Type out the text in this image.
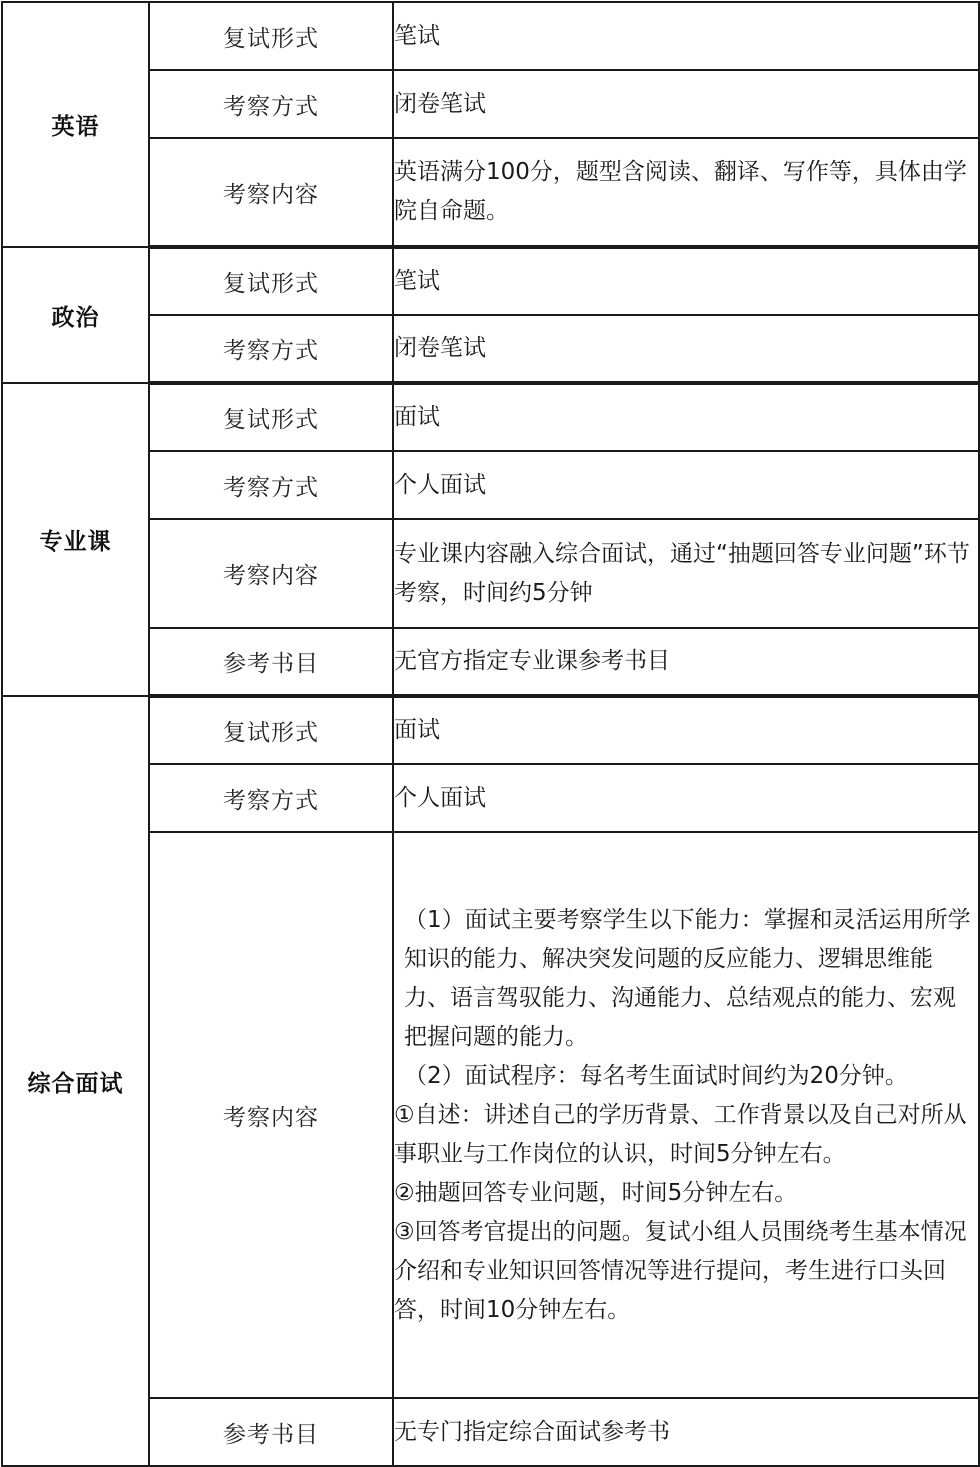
英语	复试形式	笔试
	考察方式	闭卷笔试
	考察内容	英语满分100分，题型含阅读、翻译、写作等，具体由学院自命题。
政治	复试形式	笔试
	考察方式	闭卷笔试
专业课	复试形式	面试
	考察方式	个人面试
	考察内容	专业课内容融入综合面试，通过“抽题回答专业问题”环节考察，时间约5分钟
	参考书目	无官方指定专业课参考书目
综合面试	复试形式	面试
	考察方式	个人面试
	考察内容	（1）面试主要考察学生以下能力：掌握和灵活运用所学知识的能力、解决突发问题的反应能力、逻辑思维能力、语言驾驭能力、沟通能力、总结观点的能力、宏观把握问题的能力。
（2）面试程序：每名考生面试时间约为20分钟。
①自述：讲述自己的学历背景、工作背景以及自己对所从事职业与工作岗位的认识，时间5分钟左右。
②抽题回答专业问题，时间5分钟左右。
③回答考官提出的问题。复试小组人员围绕考生基本情况介绍和专业知识回答情况等进行提问，考生进行口头回答，时间10分钟左右。

	参考书目	无专门指定综合面试参考书
